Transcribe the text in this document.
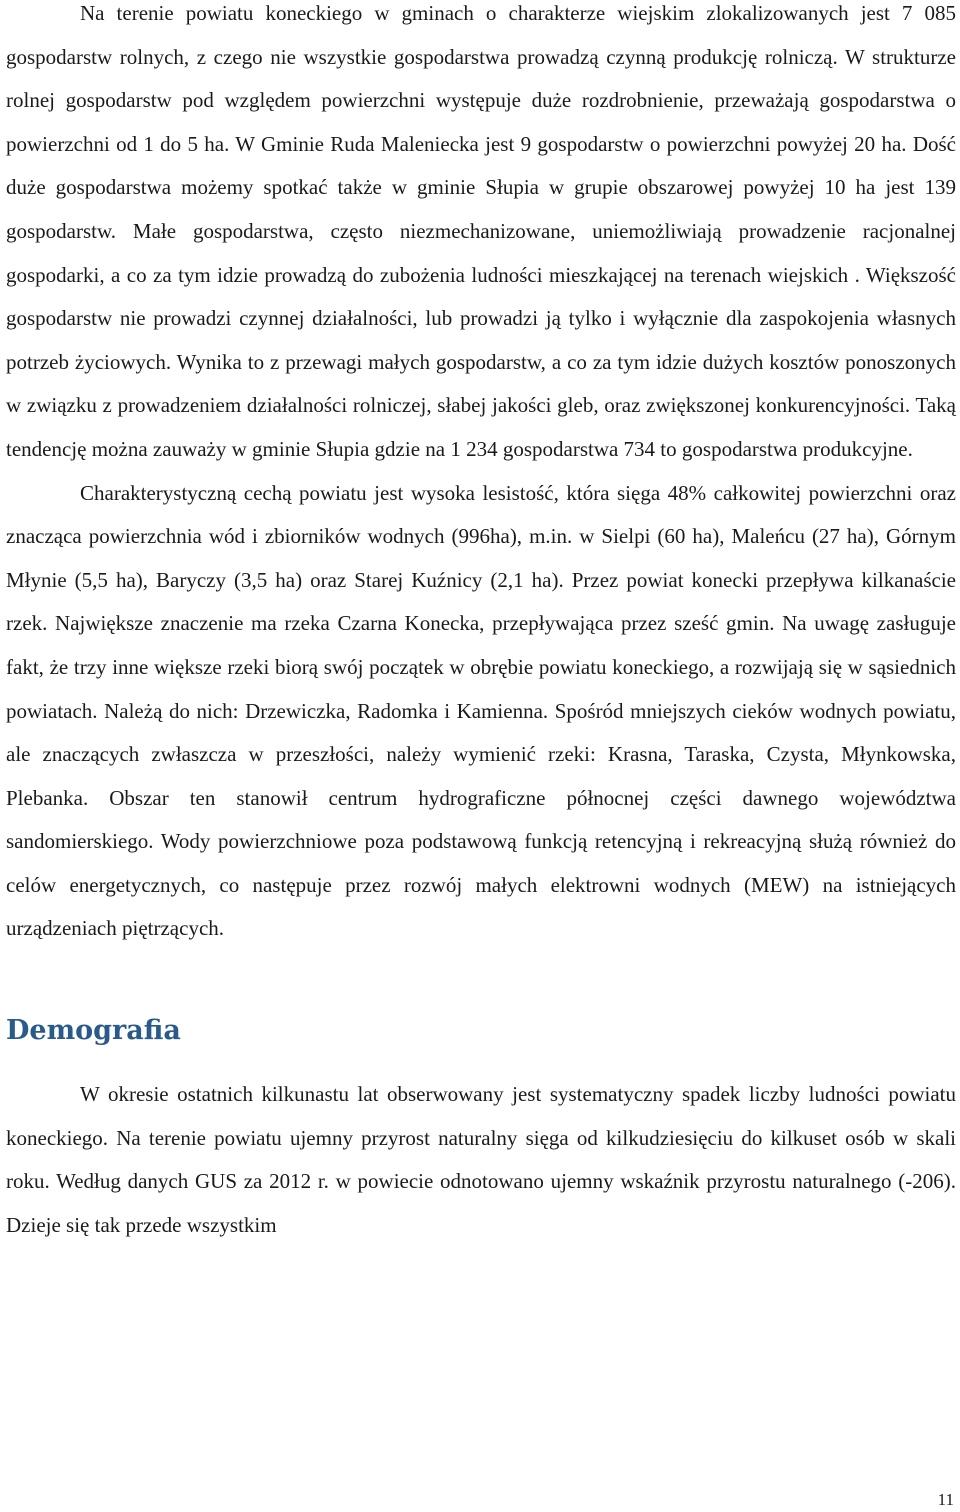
Na terenie powiatu koneckiego w gminach o charakterze wiejskim zlokalizowanych jest 7 085 gospodarstw rolnych, z czego nie wszystkie gospodarstwa prowadzą czynną produkcję rolniczą. W strukturze rolnej gospodarstw pod względem powierzchni występuje duże rozdrobnienie, przeważają gospodarstwa o powierzchni od 1 do 5 ha. W Gminie Ruda Maleniecka jest 9 gospodarstw o powierzchni powyżej 20 ha. Dość duże gospodarstwa możemy spotkać także w gminie Słupia w grupie obszarowej powyżej 10 ha jest 139 gospodarstw. Małe gospodarstwa, często niezmechanizowane, uniemożliwiają prowadzenie racjonalnej gospodarki, a co za tym idzie prowadzą do zubożenia ludności mieszkającej na terenach wiejskich . Większość gospodarstw nie prowadzi czynnej działalności, lub prowadzi ją tylko i wyłącznie dla zaspokojenia własnych potrzeb życiowych. Wynika to z przewagi małych gospodarstw, a co za tym idzie dużych kosztów ponoszonych w związku z prowadzeniem działalności rolniczej, słabej jakości gleb, oraz zwiększonej konkurencyjności. Taką tendencję można zauważy w gminie Słupia gdzie na 1 234 gospodarstwa 734 to gospodarstwa produkcyjne.

Charakterystyczną cechą powiatu jest wysoka lesistość, która sięga 48% całkowitej powierzchni oraz znacząca powierzchnia wód i zbiorników wodnych (996ha), m.in. w Sielpi (60 ha), Maleńcu (27 ha), Górnym Młynie (5,5 ha), Baryczy (3,5 ha) oraz Starej Kuźnicy (2,1 ha). Przez powiat konecki przepływa kilkanaście rzek. Największe znaczenie ma rzeka Czarna Konecka, przepływająca przez sześć gmin. Na uwagę zasługuje fakt, że trzy inne większe rzeki biorą swój początek w obrębie powiatu koneckiego, a rozwijają się w sąsiednich powiatach. Należą do nich: Drzewiczka, Radomka i Kamienna. Spośród mniejszych cieków wodnych powiatu, ale znaczących zwłaszcza w przeszłości, należy wymienić rzeki: Krasna, Taraska, Czysta, Młynkowska, Plebanka. Obszar ten stanowił centrum hydrograficzne północnej części dawnego województwa sandomierskiego. Wody powierzchniowe poza podstawową funkcją retencyjną i rekreacyjną służą również do celów energetycznych, co następuje przez rozwój małych elektrowni wodnych (MEW) na istniejących urządzeniach piętrzących.

Demografia

W okresie ostatnich kilkunastu lat obserwowany jest systematyczny spadek liczby ludności powiatu koneckiego. Na terenie powiatu ujemny przyrost naturalny sięga od kilkudziesięciu do kilkuset osób w skali roku. Według danych GUS za 2012 r. w powiecie odnotowano ujemny wskaźnik przyrostu naturalnego (-206). Dzieje się tak przede wszystkim

11
